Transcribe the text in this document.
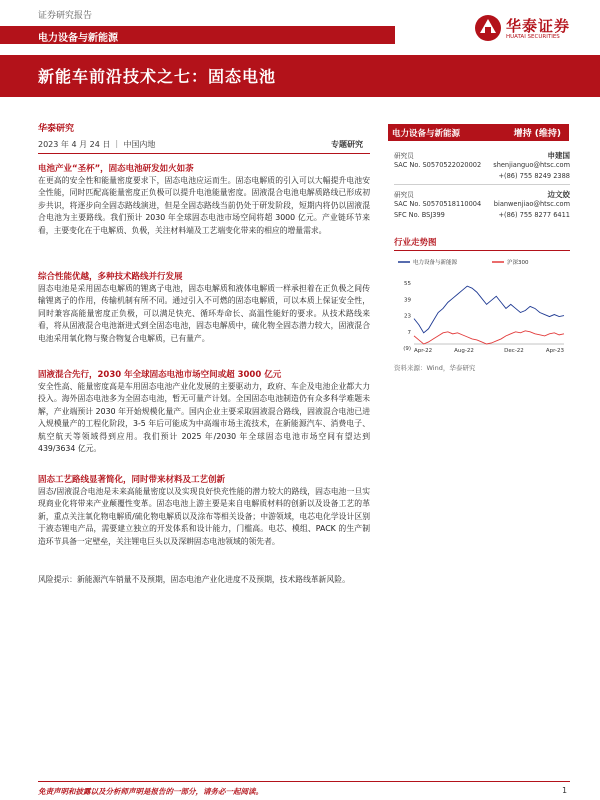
证券研究报告
电力设备与新能源
华泰证券
HUATAI SECURITIES
新能车前沿技术之七：固态电池
华泰研究
2023 年 4 月 24 日 ｜ 中国内地	专题研究
电池产业“圣杯”，固态电池研发如火如荼
在更高的安全性和能量密度要求下，固态电池应运而生。固态电解质的引入可以大幅提升电池安全性能，同时匹配高能量密度正负极可以提升电池能量密度。固液混合电池电解质路线已形成初步共识，将逐步向全固态路线演进，但是全固态路线当前仍处于研发阶段，短期内将仍以固液混合电池为主要路线。我们预计 2030 年全球固态电池市场空间将超 3000 亿元。产业链环节来看，主要变化在于电解质、负极，关注材料端及工艺端变化带来的相应的增量需求。
综合性能优越，多种技术路线并行发展
固态电池是采用固态电解质的锂离子电池，固态电解质和液体电解质一样承担着在正负极之间传输锂离子的作用，传输机制有所不同。通过引入不可燃的固态电解质，可以本质上保证安全性，同时兼容高能量密度正负极，可以满足快充、循环寿命长、高温性能好的要求。从技术路线来看，将从固液混合电池渐进式到全固态电池，固态电解质中，硫化物全固态潜力较大，固液混合电池采用氧化物与聚合物复合电解质，已有量产。
固液混合先行，2030 年全球固态电池市场空间或超 3000 亿元
安全性高、能量密度高是车用固态电池产业化发展的主要驱动力，政府、车企及电池企业都大力投入。海外固态电池多为全固态电池，暂无可量产计划。全国固态电池制造仍有众多科学难题未解，产业端预计 2030 年开始规模化量产。国内企业主要采取固液混合路线，固液混合电池已进入规模量产的工程化阶段，3-5 年后可能成为中高端市场主流技术，在新能源汽车、消费电子、航空航天等领域得到应用。我们预计 2025 年/2030 年全球固态电池市场空间有望达到 439/3634 亿元。
固态工艺路线显著简化，同时带来材料及工艺创新
固态/固液混合电池是未来高能量密度以及实现良好快充性能的潜力较大的路线，固态电池一旦实现商业化将带来产业颠覆性变革。固态电池上游主要是来自电解质材料的创新以及设备工艺的革新，重点关注氧化物电解质/硫化物电解质以及涂布等相关设备；中游领域，电芯电化学设计区别于液态锂电产品，需要建立独立的开发体系和设计能力，门槛高。电芯、模组、PACK 的生产制造环节具备一定壁垒，关注锂电巨头以及深耕固态电池领域的领先者。
风险提示：新能源汽车销量不及预期，固态电池产业化进度不及预期，技术路线革新风险。
电力设备与新能源	增持 (维持)
研究员	申建国
SAC No. S0570522020002 shenjianguo@htsc.com
+(86) 755 8249 2388
研究员	边文姣
SAC No. S0570518110004 bianwenjiao@htsc.com
SFC No. BSJ399	+(86) 755 8277 6411
行业走势图
电力设备与新能源	沪深300
55
39
23
7
(9) Apr-22	Aug-22	Dec-22	Apr-23
资料来源：Wind，华泰研究
免责声明和披露以及分析师声明是报告的一部分，请务必一起阅读。	1
